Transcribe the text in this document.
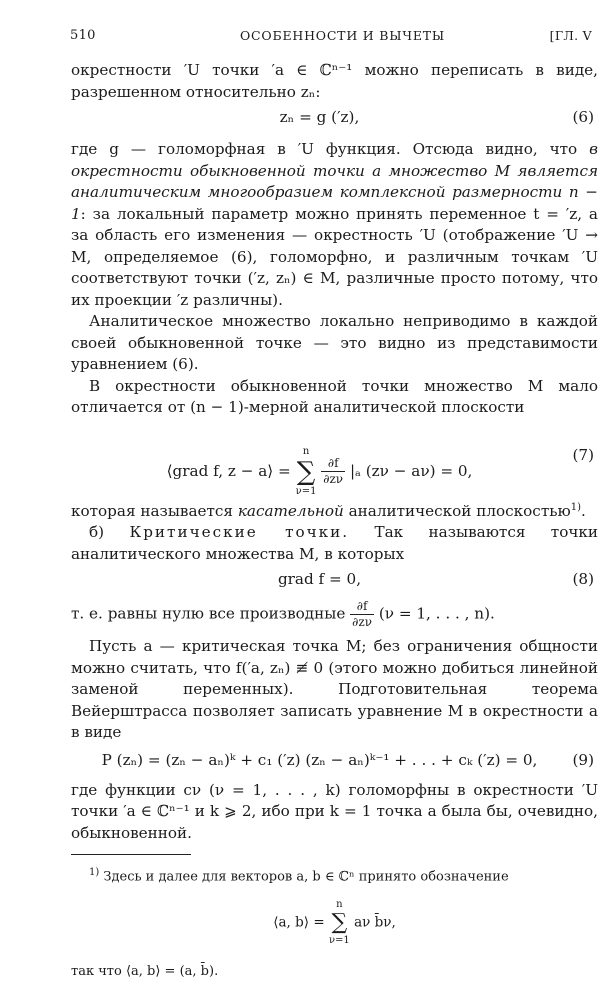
510	ОСОБЕННОСТИ И ВЫЧЕТЫ	[ГЛ. V

окрестности ′U точки ′a ∈ ℂⁿ⁻¹ можно переписать в виде, разрешенном относительно zₙ:

zₙ = g (′z),	(6)

где g — голоморфная в ′U функция. Отсюда видно, что в окрестности обыкновенной точки a множество M является аналитическим многообразием комплексной размерности n − 1: за локальный параметр можно принять переменное t = ′z, а за область его изменения — окрестность ′U (отображение ′U → M, определяемое (6), голоморфно, и различным точкам ′U соответствуют точки (′z, zₙ) ∈ M, различные просто потому, что их проекции ′z различны).

Аналитическое множество локально неприводимо в каждой своей обыкновенной точке — это видно из представимости уравнением (6).

В окрестности обыкновенной точки множество M мало отличается от (n − 1)-мерной аналитической плоскости

⟨grad f, z − a⟩ =
n
∑
ν=1

$\frac{\partial f}{\partial z\nu} |_a$ (zν − aν) = 0,
(7)

которая называется касательной аналитической плоскостью$^{1)}$.

б) Критические точки. Так называются точки аналитического множества M, в которых

grad f = 0,	(8)

т. е. равны нулю все производные $\frac{\partial f}{\partial z\nu} (\nu = 1$, . . . , n).

Пусть a — критическая точка M; без ограничения общности можно считать, что f(′a, zₙ) ≢ 0 (этого можно добиться линейной заменой переменных). Подготовительная теорема Вейерштрасса позволяет записать уравнение M в окрестности a в виде

P (zₙ) = (zₙ − aₙ)ᵏ + c₁ (′z) (zₙ − aₙ)ᵏ⁻¹ + . . . + cₖ (′z) = 0,	(9)

где функции cν (ν = 1, . . . , k) голоморфны в окрестности ′U точки ′a ∈ ℂⁿ⁻¹ и k ⩾ 2, ибо при k = 1 точка a была бы, очевидно, обыкновенной.

$^{1)}$ Здесь и далее для векторов a, b ∈ ℂⁿ принято обозначение

⟨a, b⟩ =
n
∑
ν=1
aν b̄ν,

так что ⟨a, b⟩ = (a, b̄).
